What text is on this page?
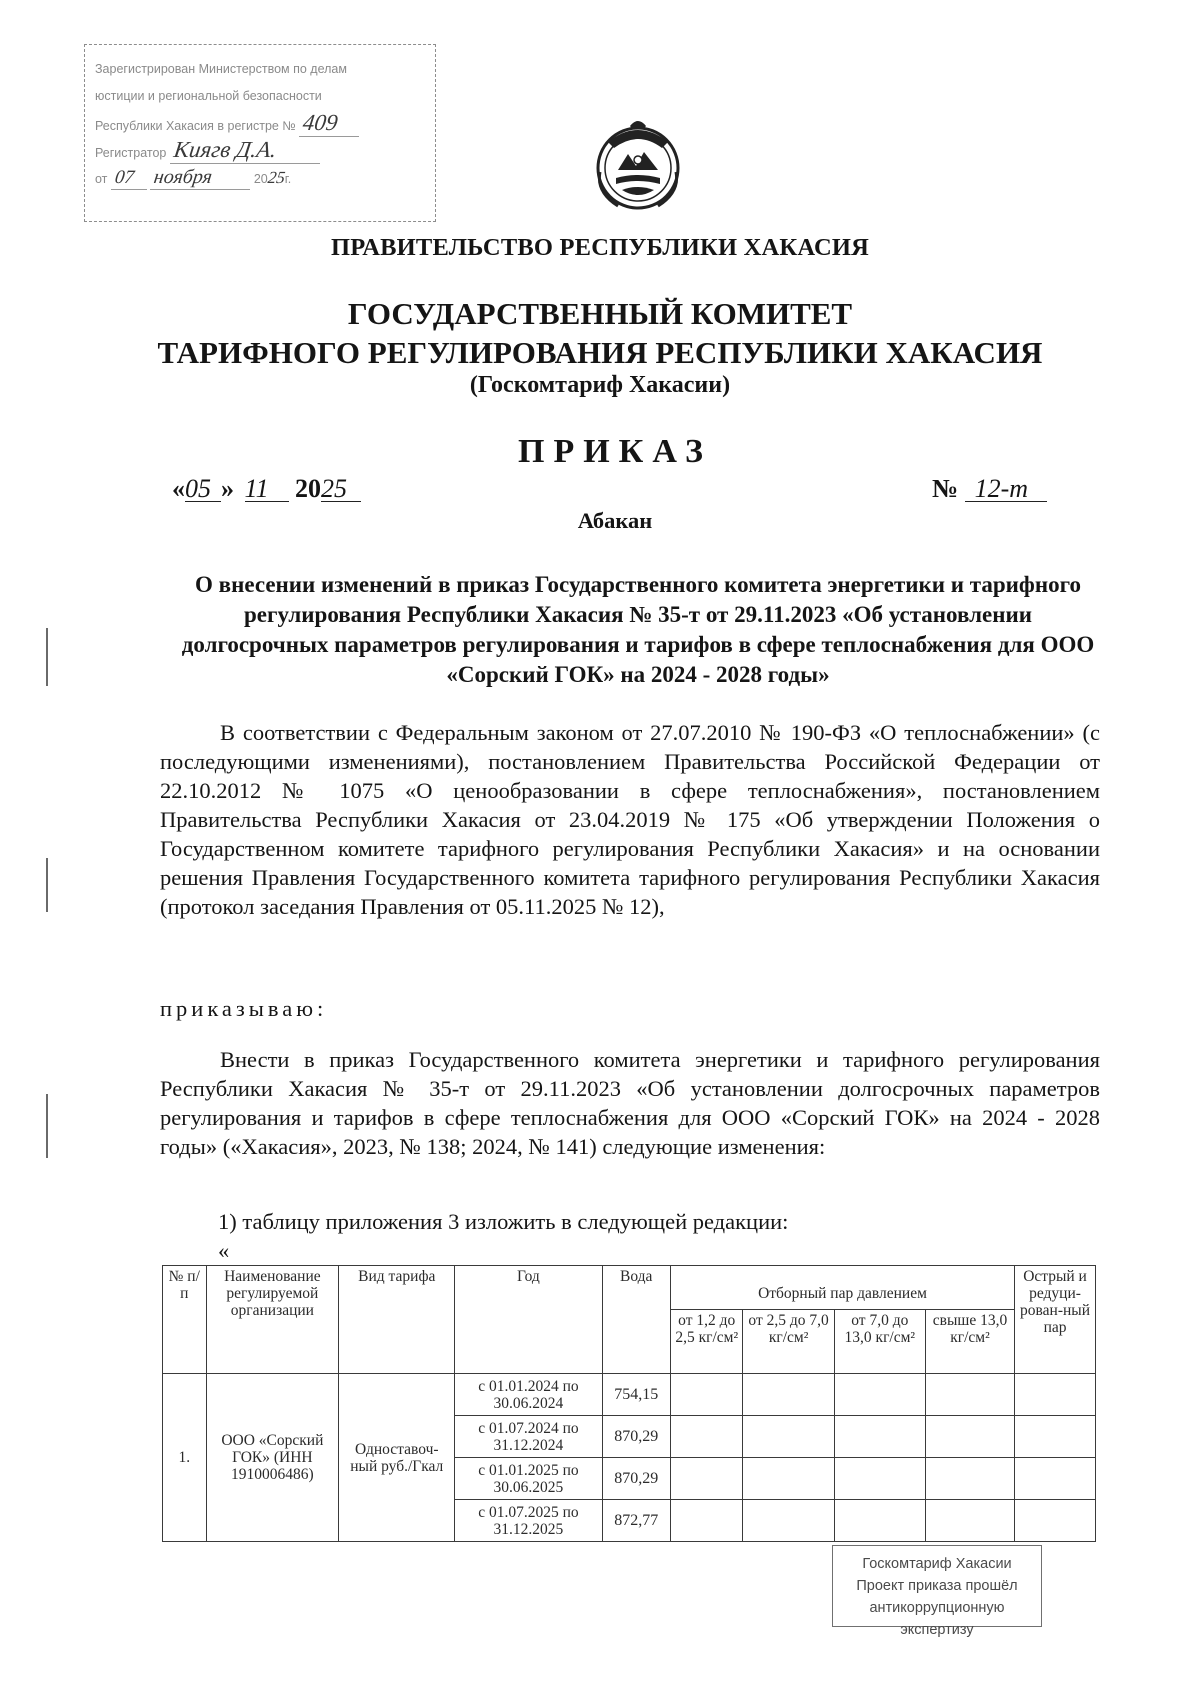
Зарегистрирован Министерством по делам
юстиции и региональной безопасности
Республики Хакасия в регистре № 409
Регистратор Киягв Д.А.
от 07 ноября	2025г.
ПРАВИТЕЛЬСТВО РЕСПУБЛИКИ ХАКАСИЯ
ГОСУДАРСТВЕННЫЙ КОМИТЕТ
ТАРИФНОГО РЕГУЛИРОВАНИЯ РЕСПУБЛИКИ ХАКАСИЯ
(Госкомтариф Хакасии)
ПРИКАЗ
«05 » 11 2025	№ 12-т
Абакан
О внесении изменений в приказ Государственного комитета энергетики и тарифного регулирования Республики Хакасия № 35-т от 29.11.2023 «Об установлении долгосрочных параметров регулирования и тарифов в сфере теплоснабжения для ООО «Сорский ГОК» на 2024 - 2028 годы»
В соответствии с Федеральным законом от 27.07.2010 № 190-ФЗ «О теплоснабжении» (с последующими изменениями), постановлением Правительства Российской Федерации от 22.10.2012 № 1075 «О ценообразовании в сфере теплоснабжения», постановлением Правительства Республики Хакасия от 23.04.2019 № 175 «Об утверждении Положения о Государственном комитете тарифного регулирования Республики Хакасия» и на основании решения Правления Государственного комитета тарифного регулирования Республики Хакасия (протокол заседания Правления от 05.11.2025 № 12),
приказываю:
Внести в приказ Государственного комитета энергетики и тарифного регулирования Республики Хакасия № 35-т от 29.11.2023 «Об установлении долгосрочных параметров регулирования и тарифов в сфере теплоснабжения для ООО «Сорский ГОК» на 2024 - 2028 годы» («Хакасия», 2023, № 138; 2024, № 141) следующие изменения:
1) таблицу приложения 3 изложить в следующей редакции:
«
№ п/п	Наименование регулируемой организации	Вид тарифа	Год	Вода	Отборный пар давлением				Острый и редуци-рован-ный пар
					от 1,2 до 2,5 кг/см²	от 2,5 до 7,0 кг/см²	от 7,0 до 13,0 кг/см²	свыше 13,0 кг/см²	
1.	ООО «Сорский ГОК» (ИНН 1910006486)	Одноставоч-ный руб./Гкал	с 01.01.2024 по 30.06.2024	754,15					
			с 01.07.2024 по 31.12.2024	870,29					
			с 01.01.2025 по 30.06.2025	870,29					
			с 01.07.2025 по 31.12.2025	872,77					
Госкомтариф Хакасии
Проект приказа прошёл
антикоррупционную экспертизу
